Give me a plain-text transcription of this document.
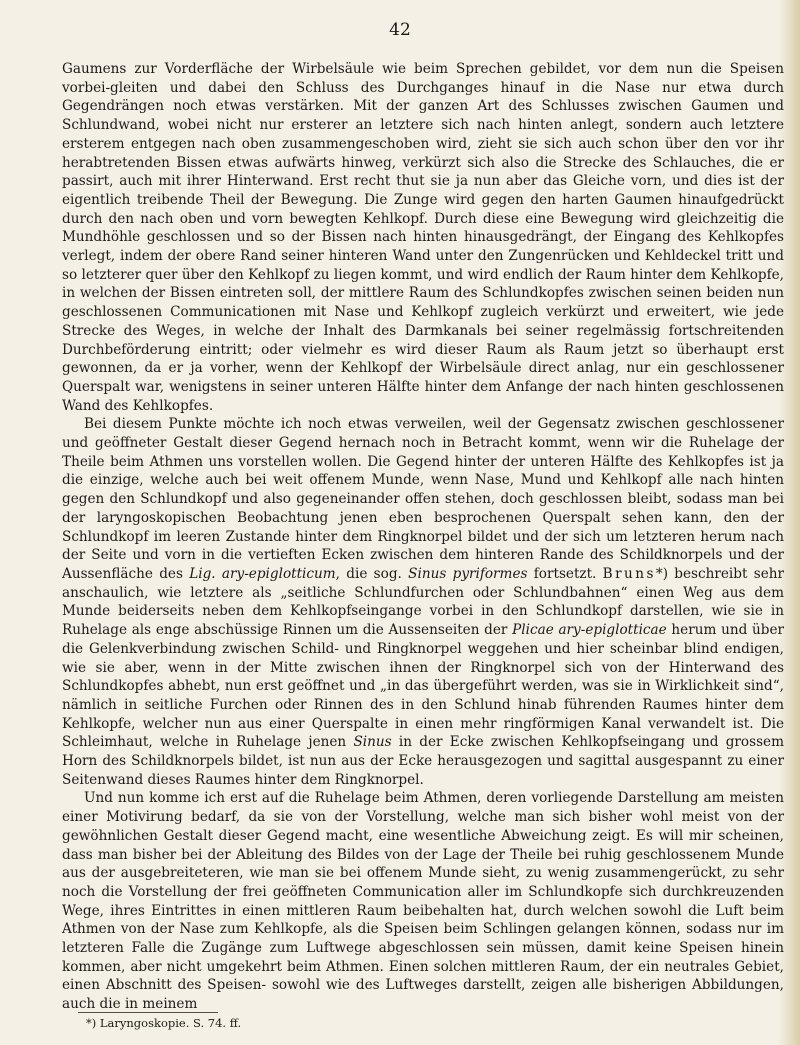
42

Gaumens zur Vorderfläche der Wirbelsäule wie beim Sprechen gebildet, vor dem nun die Speisen vorbei-gleiten und dabei den Schluss des Durchganges hinauf in die Nase nur etwa durch Gegendrängen noch etwas verstärken. Mit der ganzen Art des Schlusses zwischen Gaumen und Schlundwand, wobei nicht nur ersterer an letztere sich nach hinten anlegt, sondern auch letztere ersterem entgegen nach oben zusammengeschoben wird, zieht sie sich auch schon über den vor ihr herabtretenden Bissen etwas aufwärts hinweg, verkürzt sich also die Strecke des Schlauches, die er passirt, auch mit ihrer Hinterwand. Erst recht thut sie ja nun aber das Gleiche vorn, und dies ist der eigentlich treibende Theil der Bewegung. Die Zunge wird gegen den harten Gaumen hinaufgedrückt durch den nach oben und vorn bewegten Kehlkopf. Durch diese eine Bewegung wird gleichzeitig die Mundhöhle geschlossen und so der Bissen nach hinten hinausgedrängt, der Eingang des Kehlkopfes verlegt, indem der obere Rand seiner hinteren Wand unter den Zungenrücken und Kehldeckel tritt und so letzterer quer über den Kehlkopf zu liegen kommt, und wird endlich der Raum hinter dem Kehlkopfe, in welchen der Bissen eintreten soll, der mittlere Raum des Schlundkopfes zwischen seinen beiden nun geschlossenen Communicationen mit Nase und Kehlkopf zugleich verkürzt und erweitert, wie jede Strecke des Weges, in welche der Inhalt des Darmkanals bei seiner regelmässig fortschreitenden Durchbeförderung eintritt; oder vielmehr es wird dieser Raum als Raum jetzt so überhaupt erst gewonnen, da er ja vorher, wenn der Kehlkopf der Wirbelsäule direct anlag, nur ein geschlossener Querspalt war, wenigstens in seiner unteren Hälfte hinter dem Anfange der nach hinten geschlossenen Wand des Kehlkopfes.

Bei diesem Punkte möchte ich noch etwas verweilen, weil der Gegensatz zwischen geschlossener und geöffneter Gestalt dieser Gegend hernach noch in Betracht kommt, wenn wir die Ruhelage der Theile beim Athmen uns vorstellen wollen. Die Gegend hinter der unteren Hälfte des Kehlkopfes ist ja die einzige, welche auch bei weit offenem Munde, wenn Nase, Mund und Kehlkopf alle nach hinten gegen den Schlundkopf und also gegeneinander offen stehen, doch geschlossen bleibt, sodass man bei der laryngoskopischen Beobachtung jenen eben besprochenen Querspalt sehen kann, den der Schlundkopf im leeren Zustande hinter dem Ringknorpel bildet und der sich um letzteren herum nach der Seite und vorn in die vertieften Ecken zwischen dem hinteren Rande des Schildknorpels und der Aussenfläche des Lig. ary-epiglotticum, die sog. Sinus pyriformes fortsetzt. Bruns*) beschreibt sehr anschaulich, wie letztere als „seitliche Schlundfurchen oder Schlundbahnen“ einen Weg aus dem Munde beiderseits neben dem Kehlkopfseingange vorbei in den Schlundkopf darstellen, wie sie in Ruhelage als enge abschüssige Rinnen um die Aussenseiten der Plicae ary-epiglotticae herum und über die Gelenkverbindung zwischen Schild- und Ringknorpel weggehen und hier scheinbar blind endigen, wie sie aber, wenn in der Mitte zwischen ihnen der Ringknorpel sich von der Hinterwand des Schlundkopfes abhebt, nun erst geöffnet und „in das übergeführt werden, was sie in Wirklichkeit sind“, nämlich in seitliche Furchen oder Rinnen des in den Schlund hinab führenden Raumes hinter dem Kehlkopfe, welcher nun aus einer Querspalte in einen mehr ringförmigen Kanal verwandelt ist. Die Schleimhaut, welche in Ruhelage jenen Sinus in der Ecke zwischen Kehlkopfseingang und grossem Horn des Schildknorpels bildet, ist nun aus der Ecke herausgezogen und sagittal ausgespannt zu einer Seitenwand dieses Raumes hinter dem Ringknorpel.

Und nun komme ich erst auf die Ruhelage beim Athmen, deren vorliegende Darstellung am meisten einer Motivirung bedarf, da sie von der Vorstellung, welche man sich bisher wohl meist von der gewöhnlichen Gestalt dieser Gegend macht, eine wesentliche Abweichung zeigt. Es will mir scheinen, dass man bisher bei der Ableitung des Bildes von der Lage der Theile bei ruhig geschlossenem Munde aus der ausgebreiteteren, wie man sie bei offenem Munde sieht, zu wenig zusammengerückt, zu sehr noch die Vorstellung der frei geöffneten Communication aller im Schlundkopfe sich durchkreuzenden Wege, ihres Eintrittes in einen mittleren Raum beibehalten hat, durch welchen sowohl die Luft beim Athmen von der Nase zum Kehlkopfe, als die Speisen beim Schlingen gelangen können, sodass nur im letzteren Falle die Zugänge zum Luftwege abgeschlossen sein müssen, damit keine Speisen hinein kommen, aber nicht umgekehrt beim Athmen. Einen solchen mittleren Raum, der ein neutrales Gebiet, einen Abschnitt des Speisen- sowohl wie des Luftweges darstellt, zeigen alle bisherigen Abbildungen, auch die in meinem

*) Laryngoskopie. S. 74. ff.
